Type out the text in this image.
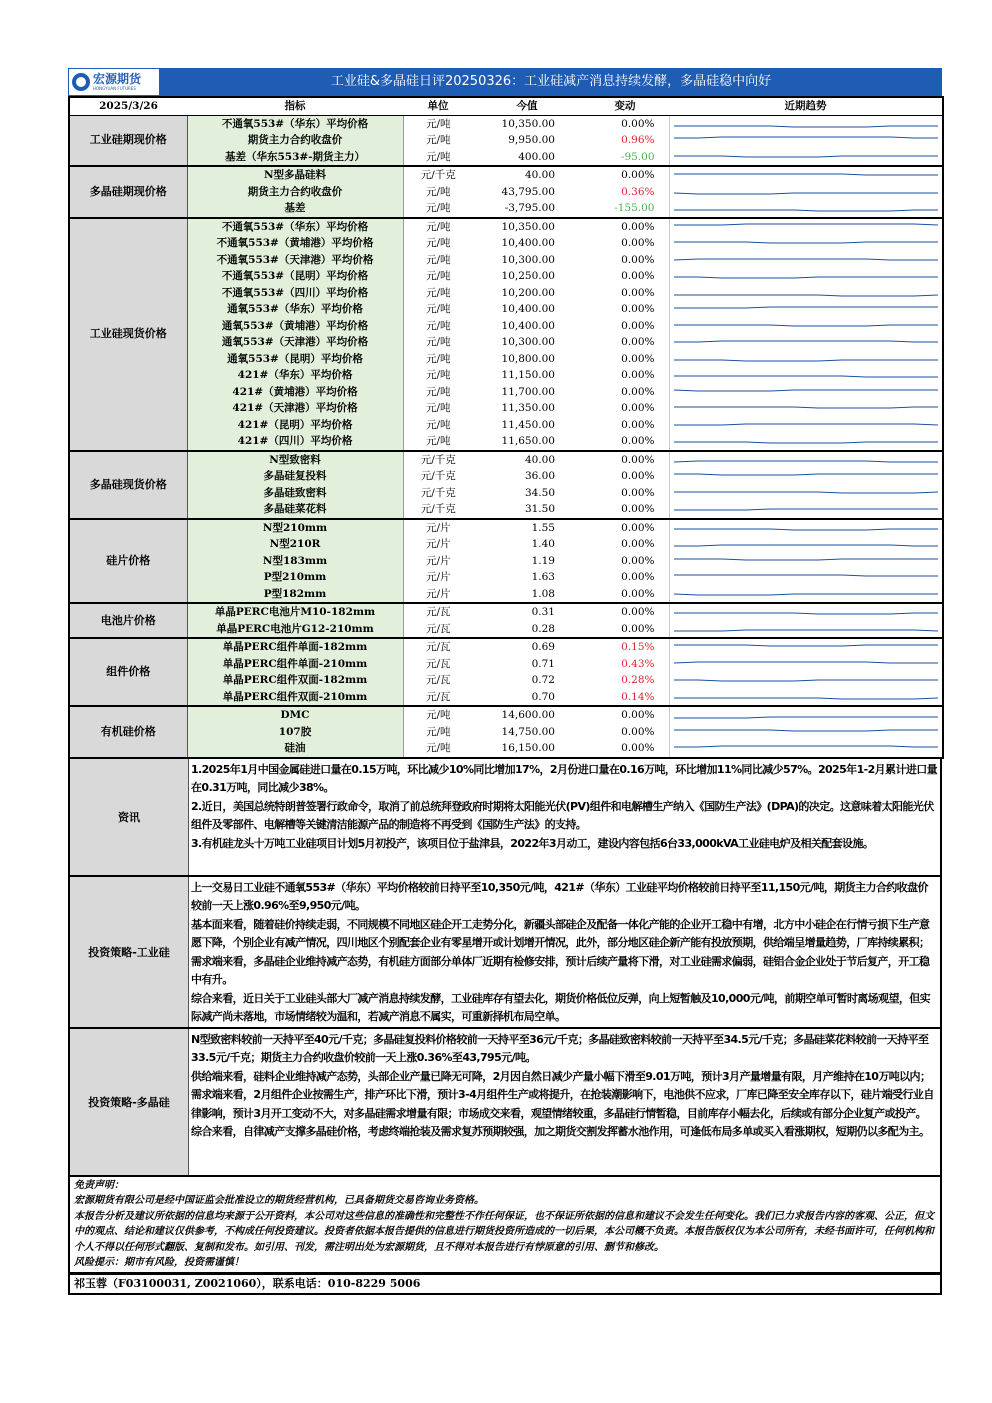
宏源期货
HONGYUAN FUTURES	工业硅&多晶硅日评20250326：工业硅减产消息持续发酵，多晶硅稳中向好
2025/3/26	指标	单位	今值	变动	近期趋势
工业硅期现价格	不通氧553#（华东）平均价格	元/吨	10,350.00	0.00%	

	期货主力合约收盘价	元/吨	9,950.00	0.96%	

	基差（华东553#-期货主力）	元/吨	400.00	-95.00	

多晶硅期现价格	N型多晶硅料	元/千克	40.00	0.00%	

	期货主力合约收盘价	元/吨	43,795.00	0.36%	

	基差	元/吨	-3,795.00	-155.00	

工业硅现货价格	不通氧553#（华东）平均价格	元/吨	10,350.00	0.00%	

	不通氧553#（黄埔港）平均价格	元/吨	10,400.00	0.00%	

	不通氧553#（天津港）平均价格	元/吨	10,300.00	0.00%	

	不通氧553#（昆明）平均价格	元/吨	10,250.00	0.00%	

	不通氧553#（四川）平均价格	元/吨	10,200.00	0.00%	

	通氧553#（华东）平均价格	元/吨	10,400.00	0.00%	

	通氧553#（黄埔港）平均价格	元/吨	10,400.00	0.00%	

	通氧553#（天津港）平均价格	元/吨	10,300.00	0.00%	

	通氧553#（昆明）平均价格	元/吨	10,800.00	0.00%	

	421#（华东）平均价格	元/吨	11,150.00	0.00%	

	421#（黄埔港）平均价格	元/吨	11,700.00	0.00%	

	421#（天津港）平均价格	元/吨	11,350.00	0.00%	

	421#（昆明）平均价格	元/吨	11,450.00	0.00%	

	421#（四川）平均价格	元/吨	11,650.00	0.00%	

多晶硅现货价格	N型致密料	元/千克	40.00	0.00%	

	多晶硅复投料	元/千克	36.00	0.00%	

	多晶硅致密料	元/千克	34.50	0.00%	

	多晶硅菜花料	元/千克	31.50	0.00%	

硅片价格	N型210mm	元/片	1.55	0.00%	

	N型210R	元/片	1.40	0.00%	

	N型183mm	元/片	1.19	0.00%	

	P型210mm	元/片	1.63	0.00%	

	P型182mm	元/片	1.08	0.00%	

电池片价格	单晶PERC电池片M10-182mm	元/瓦	0.31	0.00%	

	单晶PERC电池片G12-210mm	元/瓦	0.28	0.00%	

组件价格	单晶PERC组件单面-182mm	元/瓦	0.69	0.15%	

	单晶PERC组件单面-210mm	元/瓦	0.71	0.43%	

	单晶PERC组件双面-182mm	元/瓦	0.72	0.28%	

	单晶PERC组件双面-210mm	元/瓦	0.70	0.14%	

有机硅价格	DMC	元/吨	14,600.00	0.00%	

	107胶	元/吨	14,750.00	0.00%	

	硅油	元/吨	16,150.00	0.00%	
资讯

1.2025年1月中国金属硅进口量在0.15万吨，环比减少10%同比增加17%，2月份进口量在0.16万吨，环比增加11%同比减少57%。2025年1-2月累计进口量在0.31万吨，同比减少38%。

2.近日，美国总统特朗普签署行政命令，取消了前总统拜登政府时期将太阳能光伏(PV)组件和电解槽生产纳入《国防生产法》(DPA)的决定。这意味着太阳能光伏组件及零部件、电解槽等关键清洁能源产品的制造将不再受到《国防生产法》的支持。

3.有机硅龙头十万吨工业硅项目计划5月初投产，该项目位于盐津县，2022年3月动工，建设内容包括6台33,000kVA工业硅电炉及相关配套设施。

投资策略-工业硅

上一交易日工业硅不通氧553#（华东）平均价格较前日持平至10,350元/吨，421#（华东）工业硅平均价格较前日持平至11,150元/吨，期货主力合约收盘价较前一天上涨0.96%至9,950元/吨。

基本面来看，随着硅价持续走弱，不同规模不同地区硅企开工走势分化，新疆头部硅企及配备一体化产能的企业开工稳中有增，北方中小硅企在行情亏损下生产意愿下降，个别企业有减产情况，四川地区个别配套企业有零星增开或计划增开情况，此外，部分地区硅企新产能有投放预期，供给端呈增量趋势，厂库持续累积；需求端来看，多晶硅企业维持减产态势，有机硅方面部分单体厂近期有检修安排，预计后续产量将下滑，对工业硅需求偏弱，硅铝合金企业处于节后复产，开工稳中有升。

综合来看，近日关于工业硅头部大厂减产消息持续发酵，工业硅库存有望去化，期货价格低位反弹，向上短暂触及10,000元/吨，前期空单可暂时离场观望，但实际减产尚未落地，市场情绪较为温和，若减产消息不属实，可重新择机布局空单。

投资策略-多晶硅

N型致密料较前一天持平至40元/千克；多晶硅复投料价格较前一天持平至36元/千克；多晶硅致密料较前一天持平至34.5元/千克；多晶硅菜花料较前一天持平至33.5元/千克；期货主力合约收盘价较前一天上涨0.36%至43,795元/吨。

供给端来看，硅料企业维持减产态势，头部企业产量已降无可降，2月因自然日减少产量小幅下滑至9.01万吨，预计3月产量增量有限，月产维持在10万吨以内；需求端来看，2月组件企业按需生产，排产环比下滑，预计3-4月组件生产或将提升，在抢装潮影响下，电池供不应求，厂库已降至安全库存以下，硅片端受行业自律影响，预计3月开工变动不大，对多晶硅需求增量有限；市场成交来看，观望情绪较重，多晶硅行情暂稳，目前库存小幅去化，后续或有部分企业复产或投产。

综合来看，自律减产支撑多晶硅价格，考虑终端抢装及需求复苏预期较强，加之期货交割发挥蓄水池作用，可逢低布局多单或买入看涨期权，短期仍以多配为主。

免责声明：

宏源期货有限公司是经中国证监会批准设立的期货经营机构，已具备期货交易咨询业务资格。

本报告分析及建议所依据的信息均来源于公开资料，本公司对这些信息的准确性和完整性不作任何保证，也不保证所依据的信息和建议不会发生任何变化。我们已力求报告内容的客观、公正，但文中的观点、结论和建议仅供参考，不构成任何投资建议。投资者依据本报告提供的信息进行期货投资所造成的一切后果，本公司概不负责。本报告版权仅为本公司所有，未经书面许可，任何机构和个人不得以任何形式翻版、复制和发布。如引用、刊发，需注明出处为宏源期货，且不得对本报告进行有悖原意的引用、删节和修改。

风险提示：期市有风险，投资需谨慎！

祁玉蓉（F03100031, Z0021060），联系电话：010-8229 5006
